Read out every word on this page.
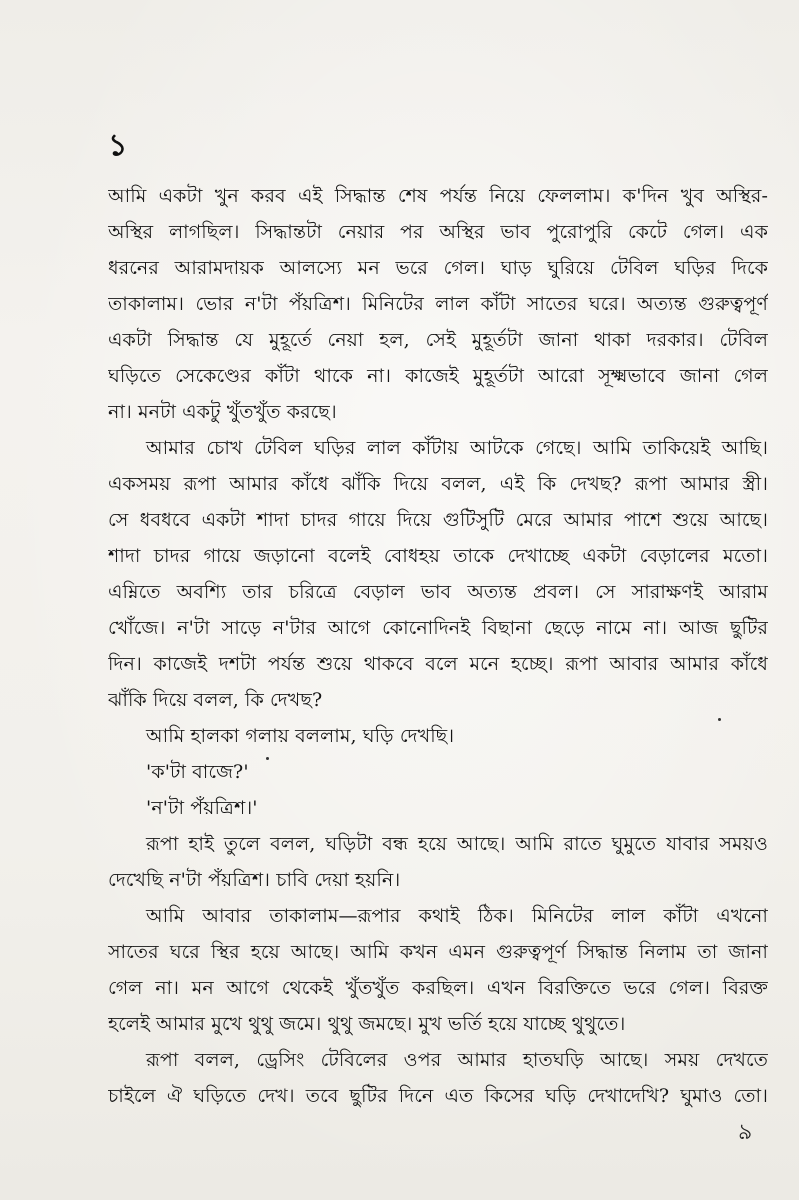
১
আমি একটা খুন করব এই সিদ্ধান্ত শেষ পর্যন্ত নিয়ে ফেললাম। ক'দিন খুব অস্থির-
অস্থির লাগছিল। সিদ্ধান্তটা নেয়ার পর অস্থির ভাব পুরোপুরি কেটে গেল। এক
ধরনের আরামদায়ক আলস্যে মন ভরে গেল। ঘাড় ঘুরিয়ে টেবিল ঘড়ির দিকে
তাকালাম। ভোর ন'টা পঁয়ত্রিশ। মিনিটের লাল কাঁটা সাতের ঘরে। অত্যন্ত গুরুত্বপূর্ণ
একটা সিদ্ধান্ত যে মুহূর্তে নেয়া হল, সেই মুহূর্তটা জানা থাকা দরকার। টেবিল
ঘড়িতে সেকেণ্ডের কাঁটা থাকে না। কাজেই মুহূর্তটা আরো সূক্ষ্মভাবে জানা গেল
না। মনটা একটু খুঁতখুঁত করছে।
আমার চোখ টেবিল ঘড়ির লাল কাঁটায় আটকে গেছে। আমি তাকিয়েই আছি।
একসময় রূপা আমার কাঁধে ঝাঁকি দিয়ে বলল, এই কি দেখছ? রূপা আমার স্ত্রী।
সে ধবধবে একটা শাদা চাদর গায়ে দিয়ে গুটিসুটি মেরে আমার পাশে শুয়ে আছে।
শাদা চাদর গায়ে জড়ানো বলেই বোধহয় তাকে দেখাচ্ছে একটা বেড়ালের মতো।
এম্নিতে অবশ্যি তার চরিত্রে বেড়াল ভাব অত্যন্ত প্রবল। সে সারাক্ষণই আরাম
খোঁজে। ন'টা সাড়ে ন'টার আগে কোনোদিনই বিছানা ছেড়ে নামে না। আজ ছুটির
দিন। কাজেই দশটা পর্যন্ত শুয়ে থাকবে বলে মনে হচ্ছে। রূপা আবার আমার কাঁধে
ঝাঁকি দিয়ে বলল, কি দেখছ?
আমি হালকা গলায় বললাম, ঘড়ি দেখছি।
'ক'টা বাজে?'
'ন'টা পঁয়ত্রিশ।'
রূপা হাই তুলে বলল, ঘড়িটা বন্ধ হয়ে আছে। আমি রাতে ঘুমুতে যাবার সময়ও
দেখেছি ন'টা পঁয়ত্রিশ। চাবি দেয়া হয়নি।
আমি আবার তাকালাম—রূপার কথাই ঠিক। মিনিটের লাল কাঁটা এখনো
সাতের ঘরে স্থির হয়ে আছে। আমি কখন এমন গুরুত্বপূর্ণ সিদ্ধান্ত নিলাম তা জানা
গেল না। মন আগে থেকেই খুঁতখুঁত করছিল। এখন বিরক্তিতে ভরে গেল। বিরক্ত
হলেই আমার মুখে থুথু জমে। থুথু জমছে। মুখ ভর্তি হয়ে যাচ্ছে থুথুতে।
রূপা বলল, ড্রেসিং টেবিলের ওপর আমার হাতঘড়ি আছে। সময় দেখতে
চাইলে ঐ ঘড়িতে দেখ। তবে ছুটির দিনে এত কিসের ঘড়ি দেখাদেখি? ঘুমাও তো।
৯
